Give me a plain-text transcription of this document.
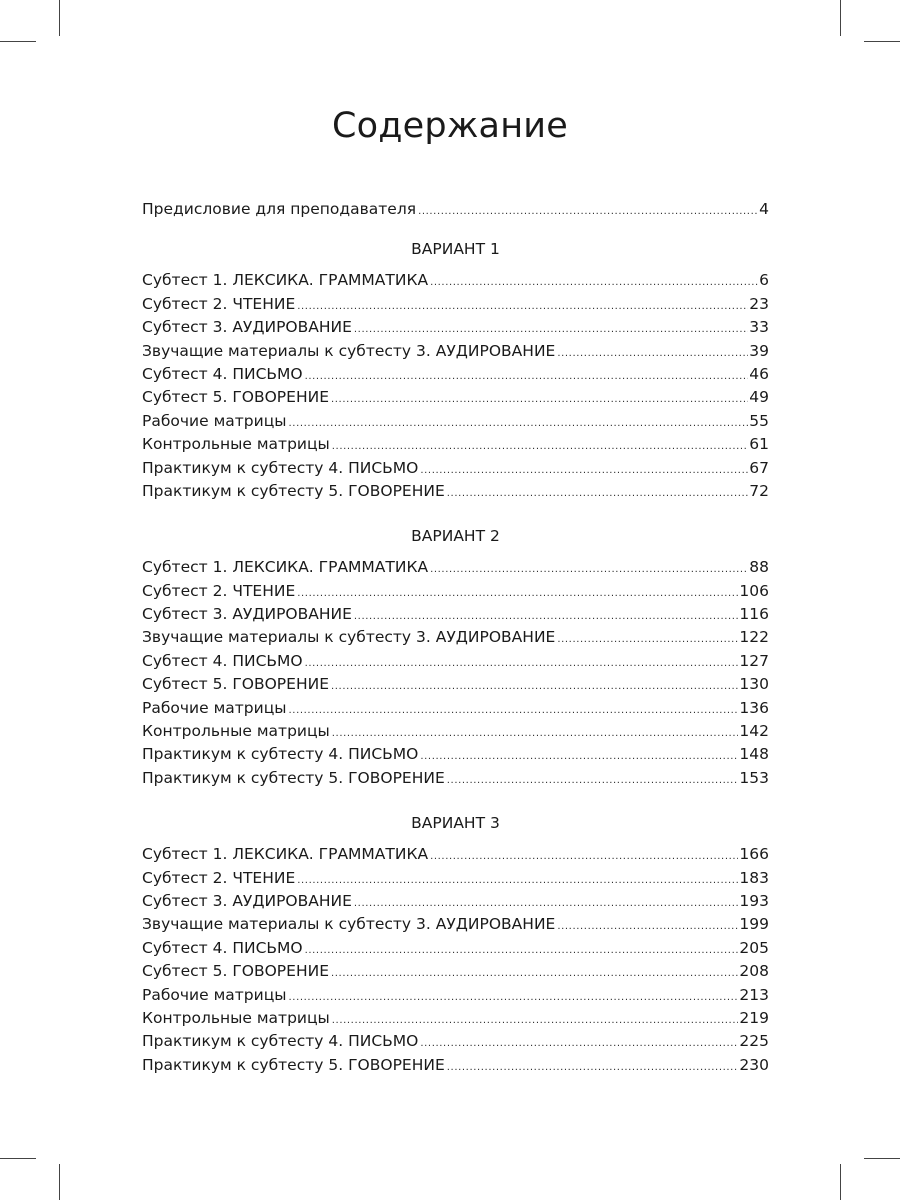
Содержание
Предисловие для преподавателя .....	4
ВАРИАНТ 1
Субтест 1. ЛЕКСИКА. ГРАММАТИКА .....	6
Субтест 2. ЧТЕНИЕ .....	23
Субтест 3. АУДИРОВАНИЕ .....	33
Звучащие материалы к субтесту 3. АУДИРОВАНИЕ .....	39
Субтест 4. ПИСЬМО .....	46
Субтест 5. ГОВОРЕНИЕ .....	49
Рабочие матрицы .....	55
Контрольные матрицы .....	61
Практикум к субтесту 4. ПИСЬМО .....	67
Практикум к субтесту 5. ГОВОРЕНИЕ .....	72
ВАРИАНТ 2
Субтест 1. ЛЕКСИКА. ГРАММАТИКА .....	88
Субтест 2. ЧТЕНИЕ .....	106
Субтест 3. АУДИРОВАНИЕ .....	116
Звучащие материалы к субтесту 3. АУДИРОВАНИЕ .....	122
Субтест 4. ПИСЬМО .....	127
Субтест 5. ГОВОРЕНИЕ .....	130
Рабочие матрицы .....	136
Контрольные матрицы .....	142
Практикум к субтесту 4. ПИСЬМО .....	148
Практикум к субтесту 5. ГОВОРЕНИЕ .....	153
ВАРИАНТ 3
Субтест 1. ЛЕКСИКА. ГРАММАТИКА .....	166
Субтест 2. ЧТЕНИЕ .....	183
Субтест 3. АУДИРОВАНИЕ .....	193
Звучащие материалы к субтесту 3. АУДИРОВАНИЕ .....	199
Субтест 4. ПИСЬМО .....	205
Субтест 5. ГОВОРЕНИЕ .....	208
Рабочие матрицы .....	213
Контрольные матрицы .....	219
Практикум к субтесту 4. ПИСЬМО .....	225
Практикум к субтесту 5. ГОВОРЕНИЕ .....	230
